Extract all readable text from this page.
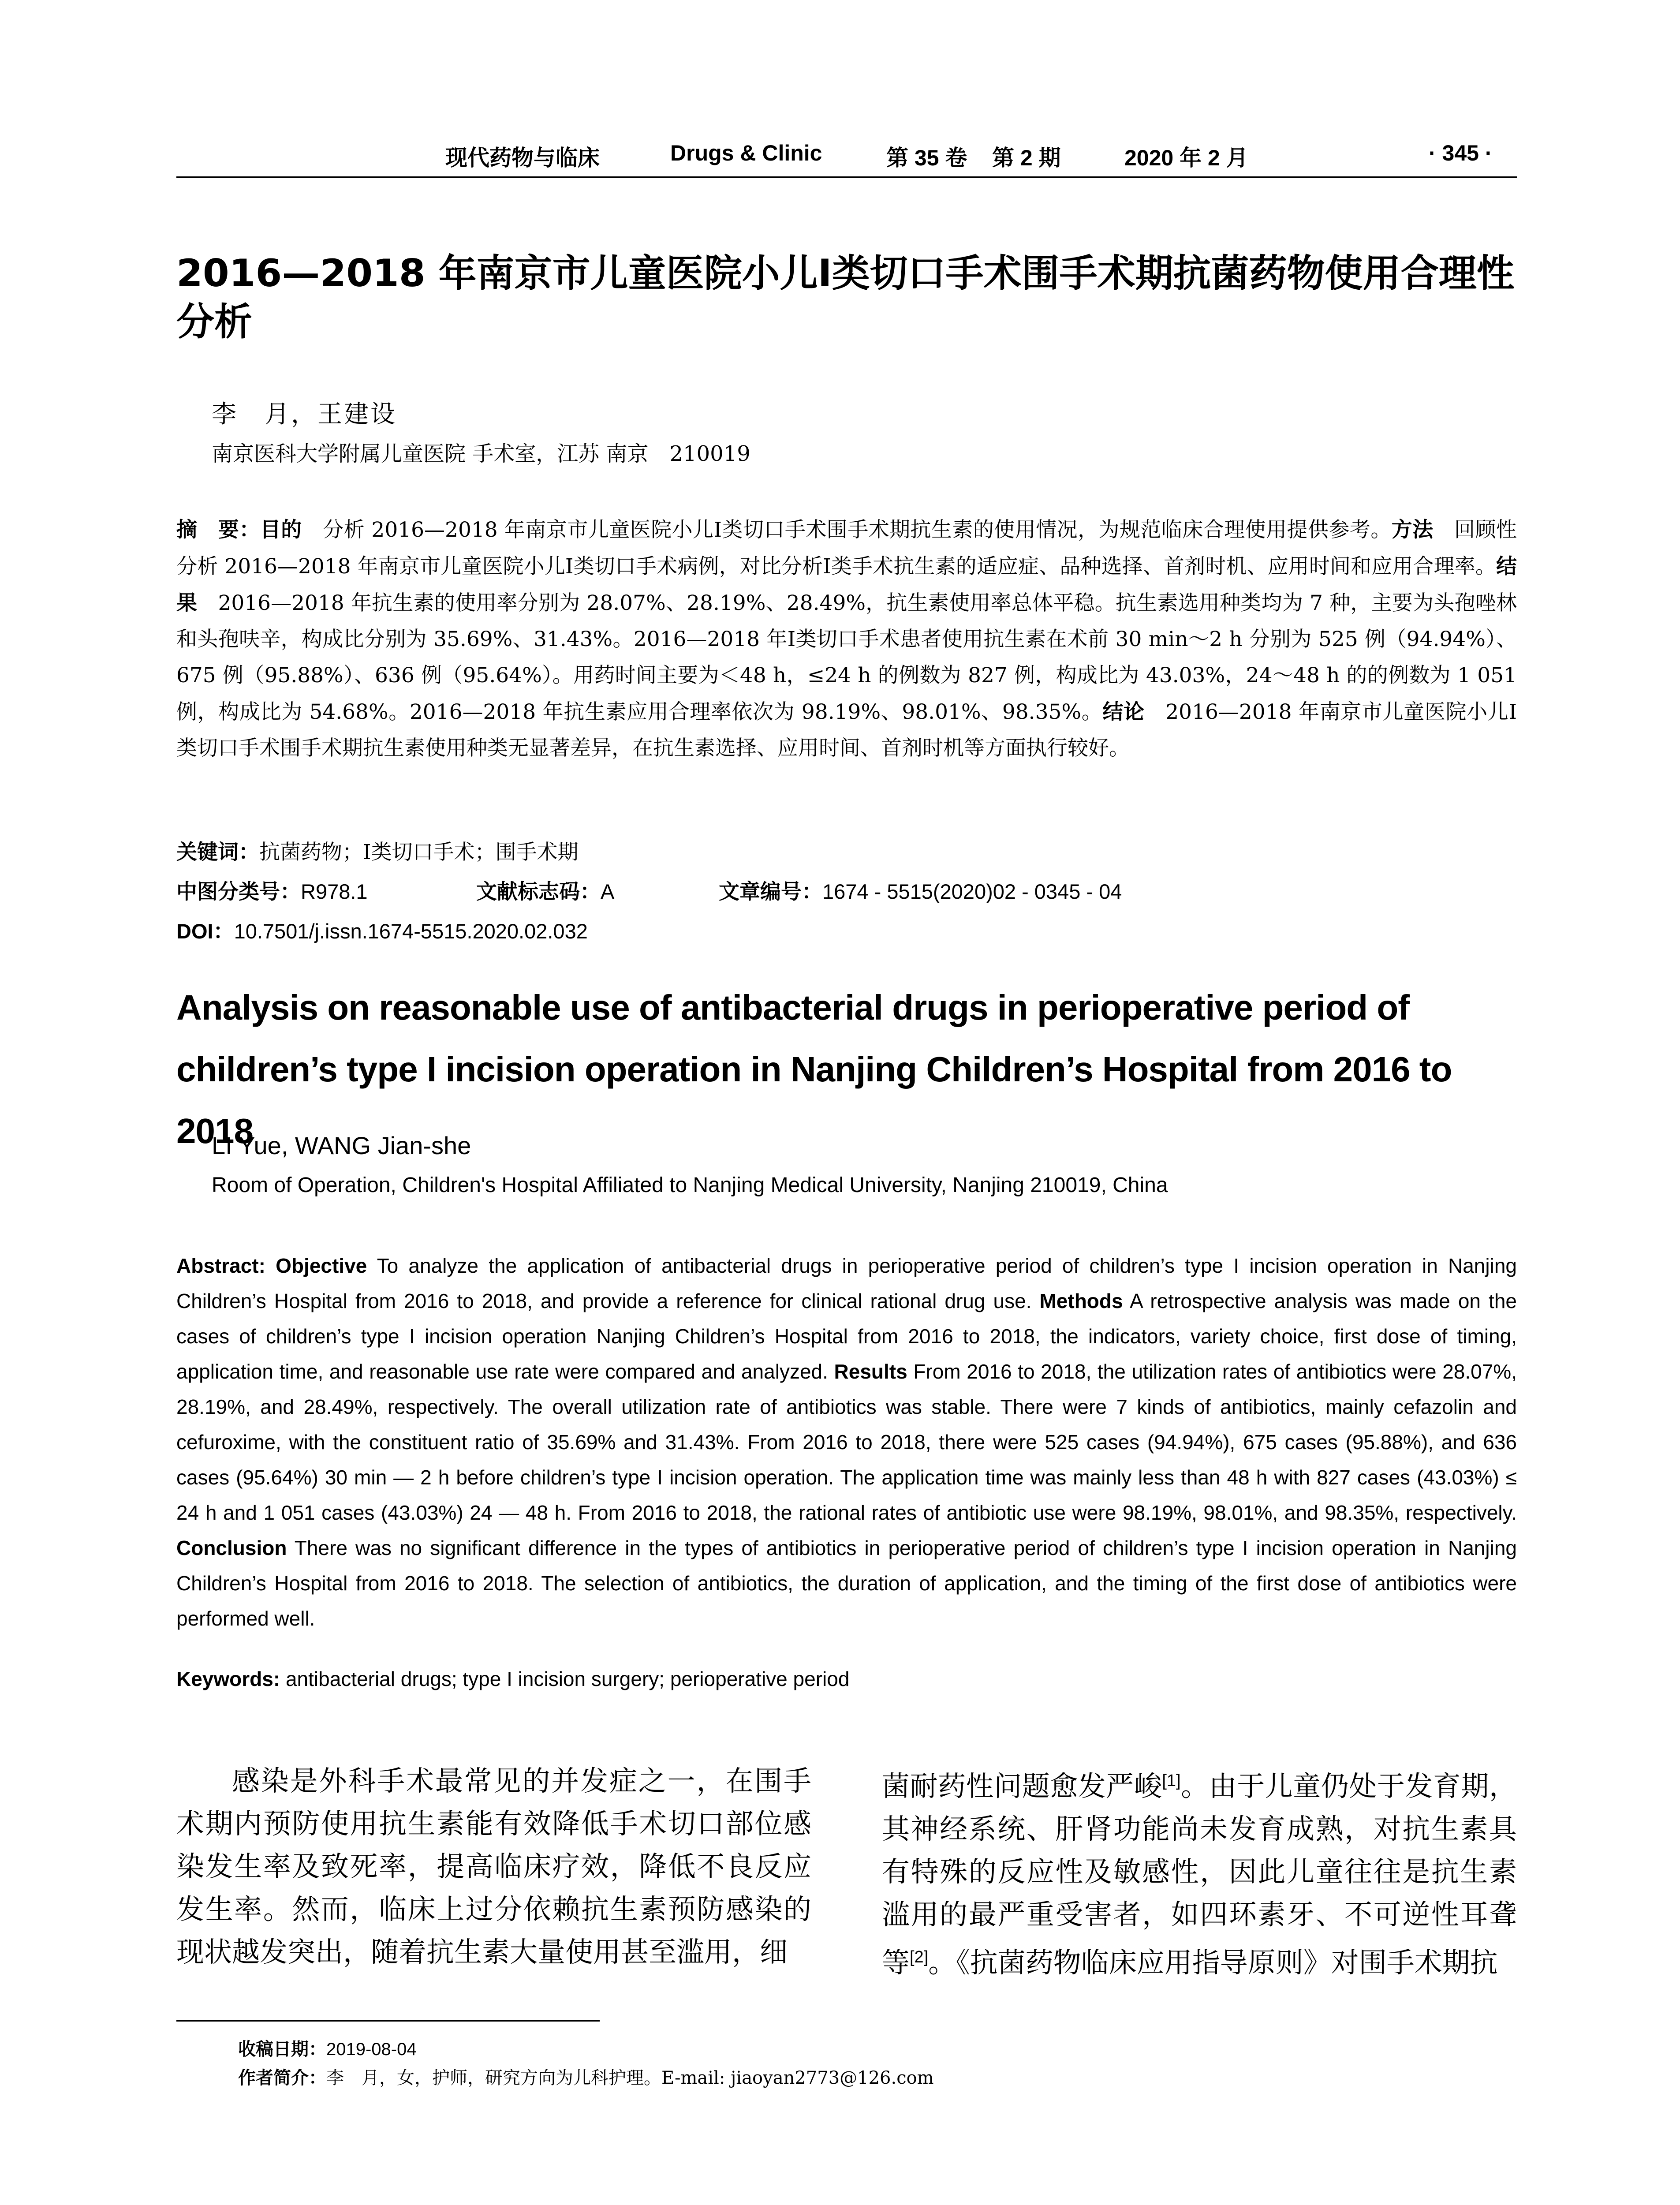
现代药物与临床	Drugs & Clinic	第 35 卷 第 2 期	2020 年 2 月	· 345 ·
2016—2018 年南京市儿童医院小儿Ⅰ类切口手术围手术期抗菌药物使用合理性分析
李　月，王建设
南京医科大学附属儿童医院 手术室，江苏 南京　210019
摘　要：目的　分析 2016—2018 年南京市儿童医院小儿Ⅰ类切口手术围手术期抗生素的使用情况，为规范临床合理使用提供参考。方法　回顾性分析 2016—2018 年南京市儿童医院小儿Ⅰ类切口手术病例，对比分析Ⅰ类手术抗生素的适应症、品种选择、首剂时机、应用时间和应用合理率。结果　2016—2018 年抗生素的使用率分别为 28.07%、28.19%、28.49%，抗生素使用率总体平稳。抗生素选用种类均为 7 种，主要为头孢唑林和头孢呋辛，构成比分别为 35.69%、31.43%。2016—2018 年Ⅰ类切口手术患者使用抗生素在术前 30 min～2 h 分别为 525 例（94.94%）、675 例（95.88%）、636 例（95.64%）。用药时间主要为＜48 h，≤24 h 的例数为 827 例，构成比为 43.03%，24～48 h 的的例数为 1 051 例，构成比为 54.68%。2016—2018 年抗生素应用合理率依次为 98.19%、98.01%、98.35%。结论　2016—2018 年南京市儿童医院小儿Ⅰ类切口手术围手术期抗生素使用种类无显著差异，在抗生素选择、应用时间、首剂时机等方面执行较好。
关键词：抗菌药物；Ⅰ类切口手术；围手术期
中图分类号：R978.1	文献标志码：A	文章编号：1674 - 5515(2020)02 - 0345 - 04
DOI：10.7501/j.issn.1674-5515.2020.02.032
Analysis on reasonable use of antibacterial drugs in perioperative period of children’s type I incision operation in Nanjing Children’s Hospital from 2016 to 2018
LI Yue, WANG Jian-she
Room of Operation, Children's Hospital Affiliated to Nanjing Medical University, Nanjing 210019, China
Abstract: Objective To analyze the application of antibacterial drugs in perioperative period of children’s type I incision operation in Nanjing Children’s Hospital from 2016 to 2018, and provide a reference for clinical rational drug use. Methods A retrospective analysis was made on the cases of children’s type I incision operation Nanjing Children’s Hospital from 2016 to 2018, the indicators, variety choice, first dose of timing, application time, and reasonable use rate were compared and analyzed. Results From 2016 to 2018, the utilization rates of antibiotics were 28.07%, 28.19%, and 28.49%, respectively. The overall utilization rate of antibiotics was stable. There were 7 kinds of antibiotics, mainly cefazolin and cefuroxime, with the constituent ratio of 35.69% and 31.43%. From 2016 to 2018, there were 525 cases (94.94%), 675 cases (95.88%), and 636 cases (95.64%) 30 min — 2 h before children’s type I incision operation. The application time was mainly less than 48 h with 827 cases (43.03%) ≤ 24 h and 1 051 cases (43.03%) 24 — 48 h. From 2016 to 2018, the rational rates of antibiotic use were 98.19%, 98.01%, and 98.35%, respectively. Conclusion There was no significant difference in the types of antibiotics in perioperative period of children’s type I incision operation in Nanjing Children’s Hospital from 2016 to 2018. The selection of antibiotics, the duration of application, and the timing of the first dose of antibiotics were performed well.
Keywords: antibacterial drugs; type I incision surgery; perioperative period
感染是外科手术最常见的并发症之一，在围手术期内预防使用抗生素能有效降低手术切口部位感染发生率及致死率，提高临床疗效，降低不良反应发生率。然而，临床上过分依赖抗生素预防感染的现状越发突出，随着抗生素大量使用甚至滥用，细
菌耐药性问题愈发严峻[1]。由于儿童仍处于发育期，其神经系统、肝肾功能尚未发育成熟，对抗生素具有特殊的反应性及敏感性，因此儿童往往是抗生素滥用的最严重受害者，如四环素牙、不可逆性耳聋等[2]。《抗菌药物临床应用指导原则》对围手术期抗
收稿日期：2019-08-04
作者简介：李　月，女，护师，研究方向为儿科护理。E-mail: jiaoyan2773@126.com
